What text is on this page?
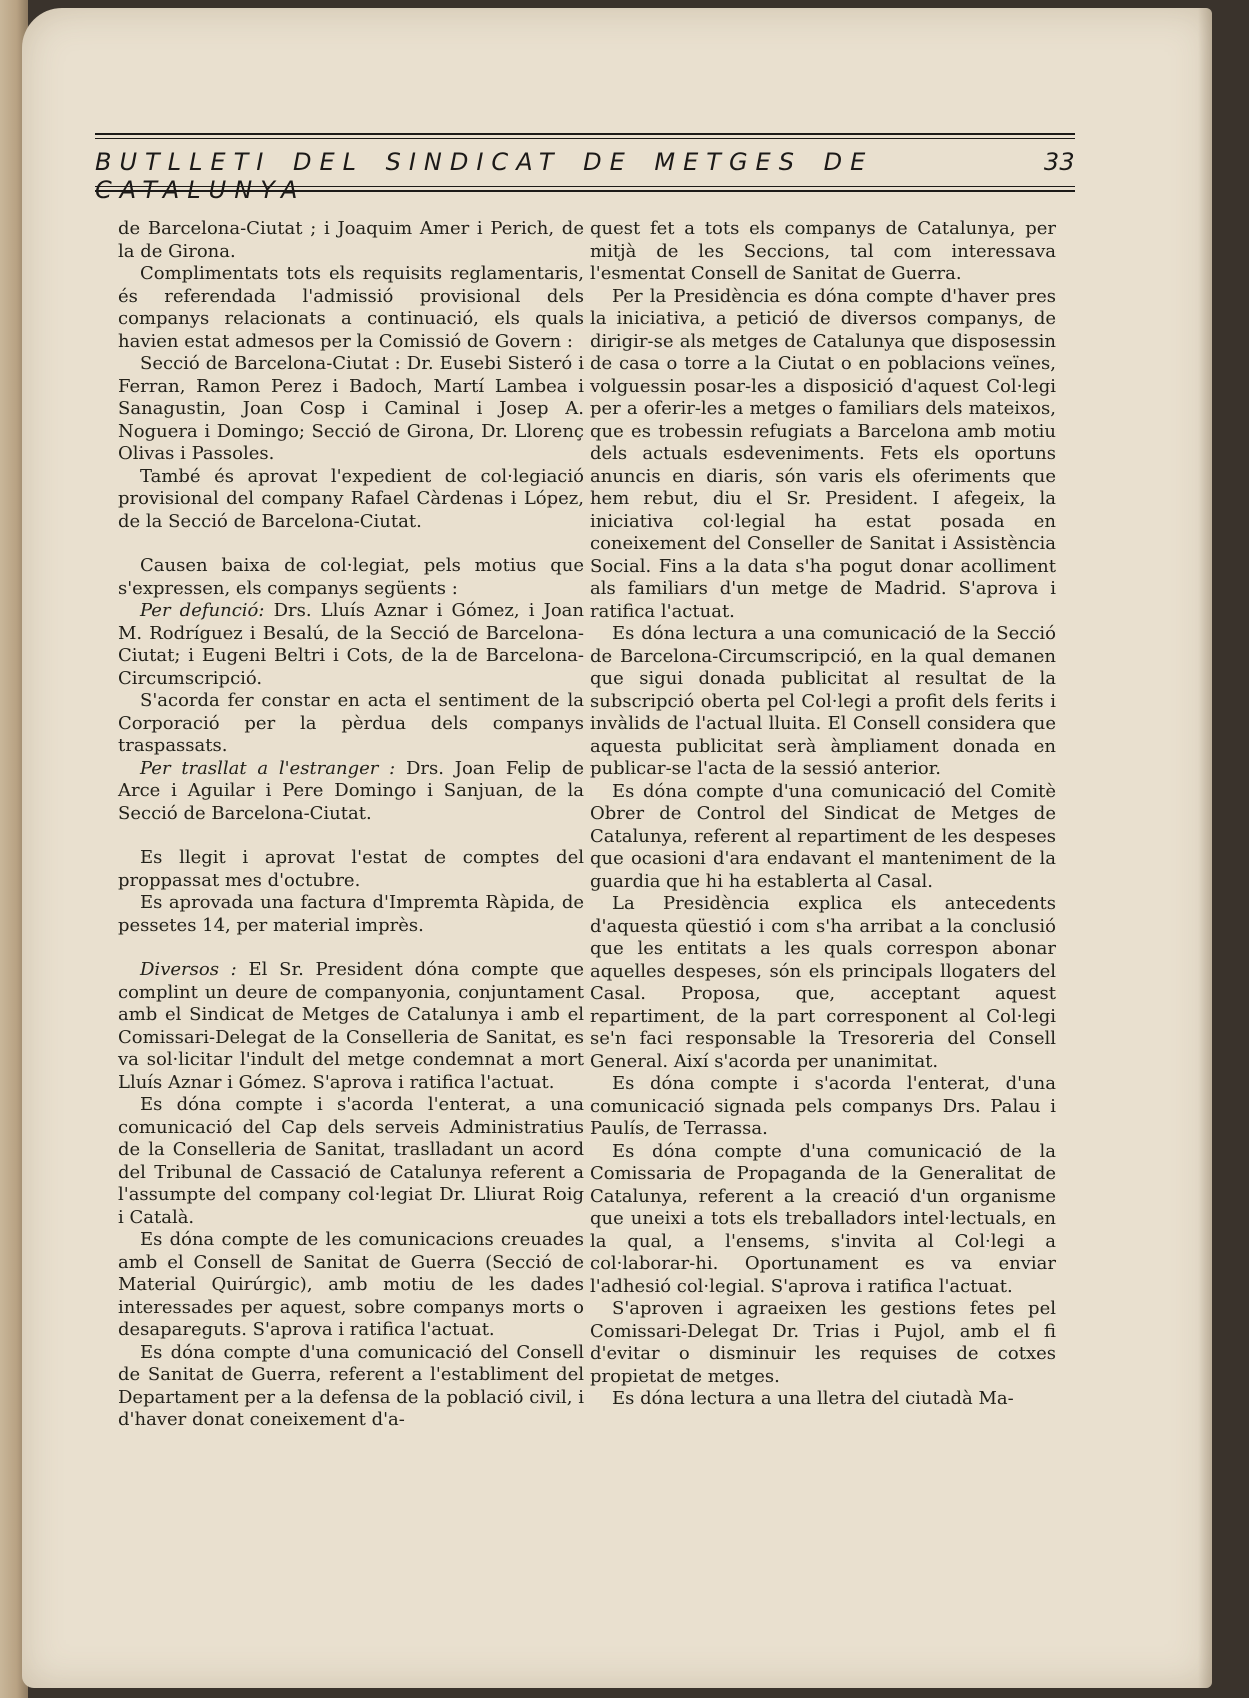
BUTLLETI DEL SINDICAT DE METGES DE	33

de Barcelona-Ciutat ; i Joaquim Amer i Perich, de la de Girona.

Complimentats tots els requisits reglamentaris, és referendada l'admissió provisional dels companys relacionats a continuació, els quals havien estat admesos per la Comissió de Govern :

Secció de Barcelona-Ciutat : Dr. Eusebi Sisteró i Ferran, Ramon Perez i Badoch, Martí Lambea i Sanagustin, Joan Cosp i Caminal i Josep A. Noguera i Domingo; Secció de Girona, Dr. Llorenç Olivas i Passoles.

També és aprovat l'expedient de col·legiació provisional del company Rafael Càrdenas i López, de la Secció de Barcelona-Ciutat.

Causen baixa de col·legiat, pels motius que s'expressen, els companys següents :

Per defunció: Drs. Lluís Aznar i Gómez, i Joan M. Rodríguez i Besalú, de la Secció de Barcelona-Ciutat; i Eugeni Beltri i Cots, de la de Barcelona-Circumscripció.

S'acorda fer constar en acta el sentiment de la Corporació per la pèrdua dels companys traspassats.

Per trasllat a l'estranger : Drs. Joan Felip de Arce i Aguilar i Pere Domingo i Sanjuan, de la Secció de Barcelona-Ciutat.

Es llegit i aprovat l'estat de comptes del proppassat mes d'octubre.

Es aprovada una factura d'Impremta Ràpida, de pessetes 14, per material imprès.

Diversos : El Sr. President dóna compte que complint un deure de companyonia, conjuntament amb el Sindicat de Metges de Catalunya i amb el Comissari-Delegat de la Conselleria de Sanitat, es va sol·licitar l'indult del metge condemnat a mort Lluís Aznar i Gómez. S'aprova i ratifica l'actuat.

Es dóna compte i s'acorda l'enterat, a una comunicació del Cap dels serveis Administratius de la Conselleria de Sanitat, traslladant un acord del Tribunal de Cassació de Catalunya referent a l'assumpte del company col·legiat Dr. Lliurat Roig i Català.

Es dóna compte de les comunicacions creuades amb el Consell de Sanitat de Guerra (Secció de Material Quirúrgic), amb motiu de les dades interessades per aquest, sobre companys morts o desapareguts. S'aprova i ratifica l'actuat.

Es dóna compte d'una comunicació del Consell de Sanitat de Guerra, referent a l'establiment del Departament per a la defensa de la població civil, i d'haver donat coneixement d'a-

quest fet a tots els companys de Catalunya, per mitjà de les Seccions, tal com interessava l'esmentat Consell de Sanitat de Guerra.

Per la Presidència es dóna compte d'haver pres la iniciativa, a petició de diversos companys, de dirigir-se als metges de Catalunya que disposessin de casa o torre a la Ciutat o en poblacions veïnes, volguessin posar-les a disposició d'aquest Col·legi per a oferir-les a metges o familiars dels mateixos, que es trobessin refugiats a Barcelona amb motiu dels actuals esdeveniments. Fets els oportuns anuncis en diaris, són varis els oferiments que hem rebut, diu el Sr. President. I afegeix, la iniciativa col·legial ha estat posada en coneixement del Conseller de Sanitat i Assistència Social. Fins a la data s'ha pogut donar acolliment als familiars d'un metge de Madrid. S'aprova i ratifica l'actuat.

Es dóna lectura a una comunicació de la Secció de Barcelona-Circumscripció, en la qual demanen que sigui donada publicitat al resultat de la subscripció oberta pel Col·legi a profit dels ferits i invàlids de l'actual lluita. El Consell considera que aquesta publicitat serà àmpliament donada en publicar-se l'acta de la sessió anterior.

Es dóna compte d'una comunicació del Comitè Obrer de Control del Sindicat de Metges de Catalunya, referent al repartiment de les despeses que ocasioni d'ara endavant el manteniment de la guardia que hi ha establerta al Casal.

La Presidència explica els antecedents d'aquesta qüestió i com s'ha arribat a la conclusió que les entitats a les quals correspon abonar aquelles despeses, són els principals llogaters del Casal. Proposa, que, acceptant aquest repartiment, de la part corresponent al Col·legi se'n faci responsable la Tresoreria del Consell General. Així s'acorda per unanimitat.

Es dóna compte i s'acorda l'enterat, d'una comunicació signada pels companys Drs. Palau i Paulís, de Terrassa.

Es dóna compte d'una comunicació de la Comissaria de Propaganda de la Generalitat de Catalunya, referent a la creació d'un organisme que uneixi a tots els treballadors intel·lectuals, en la qual, a l'ensems, s'invita al Col·legi a col·laborar-hi. Oportunament es va enviar l'adhesió col·legial. S'aprova i ratifica l'actuat.

S'aproven i agraeixen les gestions fetes pel Comissari-Delegat Dr. Trias i Pujol, amb el fi d'evitar o disminuir les requises de cotxes propietat de metges.

Es dóna lectura a una lletra del ciutadà Ma-
